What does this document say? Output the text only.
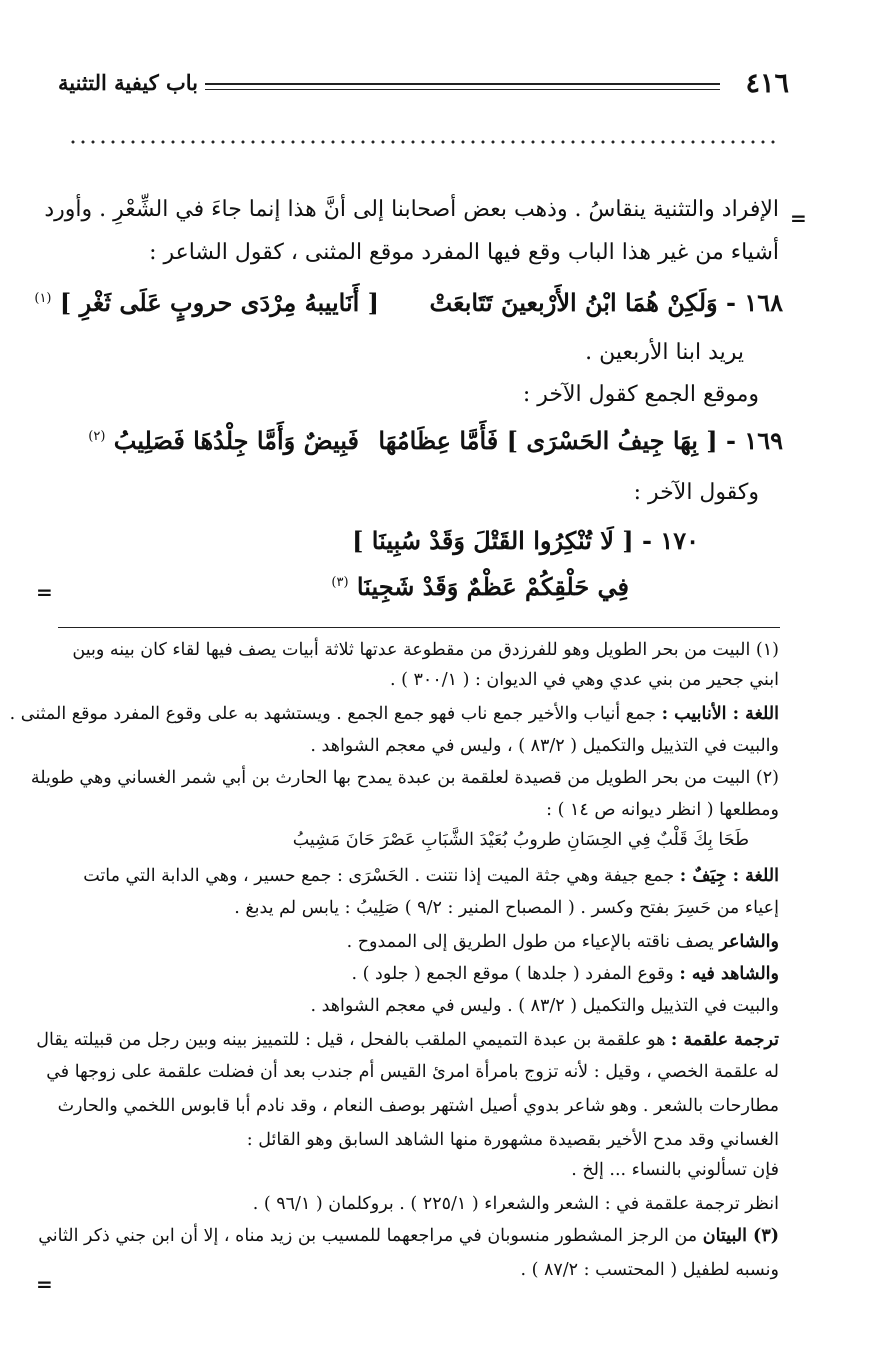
٤١٦
باب كيفية التثنية
=
الإفراد والتثنية ينقاسُ . وذهب بعض أصحابنا إلى أنَّ هذا إنما جاءَ في الشِّعْرِ . وأورد
أشياء من غير هذا الباب وقع فيها المفرد موقع المثنى ، كقول الشاعر :
١٦٨ - وَلَكِنْ هُمَا ابْنُ الأَرْبعينَ تَتَابعَتْ
[ أَنَاييبهُ مِرْدَى حروبٍ عَلَى ثَغْرِ ] $^{(١)}$
يريد ابنا الأربعين .
وموقع الجمع كقول الآخر :
١٦٩ - [ بِهَا جِيفُ الحَسْرَى ] فَأَمَّا عِظَامُهَا
فَبِيضٌ وَأَمَّا جِلْدُهَا فَصَلِيبُ $^{(٢)}$
وكقول الآخر :
١٧٠ - [ لَا تُنْكِرُوا القَتْلَ وَقَدْ سُبِينَا ]
فِي حَلْقِكُمْ عَظْمٌ وَقَدْ شَجِينَا $^{(٣)}$
=
(١) البيت من بحر الطويل وهو للفرزدق من مقطوعة عدتها ثلاثة أبيات يصف فيها لقاء كان بينه وبين
ابني جحير من بني عدي وهي في الديوان : ( ٣٠٠/١ ) .
اللغة : الأنابيب : جمع أنياب والأخير جمع ناب فهو جمع الجمع . ويستشهد به على وقوع المفرد موقع المثنى .
والبيت في التذييل والتكميل ( ٨٣/٢ ) ، وليس في معجم الشواهد .
(٢) البيت من بحر الطويل من قصيدة لعلقمة بن عبدة يمدح بها الحارث بن أبي شمر الغساني وهي طويلة
ومطلعها ( انظر ديوانه ص ١٤ ) :
طَحَا بِكَ قَلْبٌ فِي الحِسَانِ طروبُ بُعَيْدَ الشَّبَابِ عَصْرَ حَانَ مَشِيبُ
اللغة : جِيَفٌ : جمع جيفة وهي جثة الميت إذا نتنت . الحَسْرَى : جمع حسير ، وهي الدابة التي ماتت
إعياء من حَسِرَ بفتح وكسر . ( المصباح المنير : ٩/٢ ) صَلِيبُ : يابس لم يدبغ .
والشاعر يصف ناقته بالإعياء من طول الطريق إلى الممدوح .
والشاهد فيه : وقوع المفرد ( جلدها ) موقع الجمع ( جلود ) .
والبيت في التذييل والتكميل ( ٨٣/٢ ) . وليس في معجم الشواهد .
ترجمة علقمة : هو علقمة بن عبدة التميمي الملقب بالفحل ، قيل : للتمييز بينه وبين رجل من قبيلته يقال
له علقمة الخصي ، وقيل : لأنه تزوج بامرأة امرئ القيس أم جندب بعد أن فضلت علقمة على زوجها في
مطارحات بالشعر . وهو شاعر بدوي أصيل اشتهر بوصف النعام ، وقد نادم أبا قابوس اللخمي والحارث
الغساني وقد مدح الأخير بقصيدة مشهورة منها الشاهد السابق وهو القائل :
فإن تسألوني بالنساء ... إلخ .
انظر ترجمة علقمة في : الشعر والشعراء ( ٢٢٥/١ ) . بروكلمان ( ٩٦/١ ) .
(٣) البيتان من الرجز المشطور منسوبان في مراجعهما للمسيب بن زيد مناه ، إلا أن ابن جني ذكر الثاني
ونسبه لطفيل ( المحتسب : ٨٧/٢ ) .
=
